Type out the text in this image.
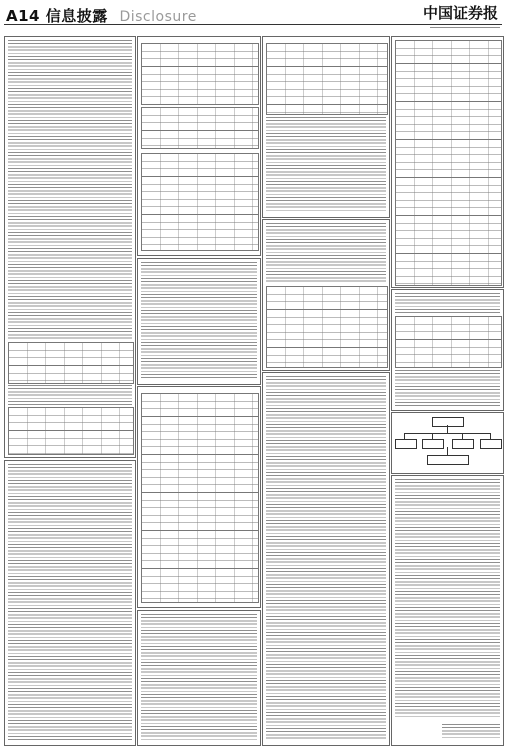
A14 信息披露 Disclosure	中国证券报
